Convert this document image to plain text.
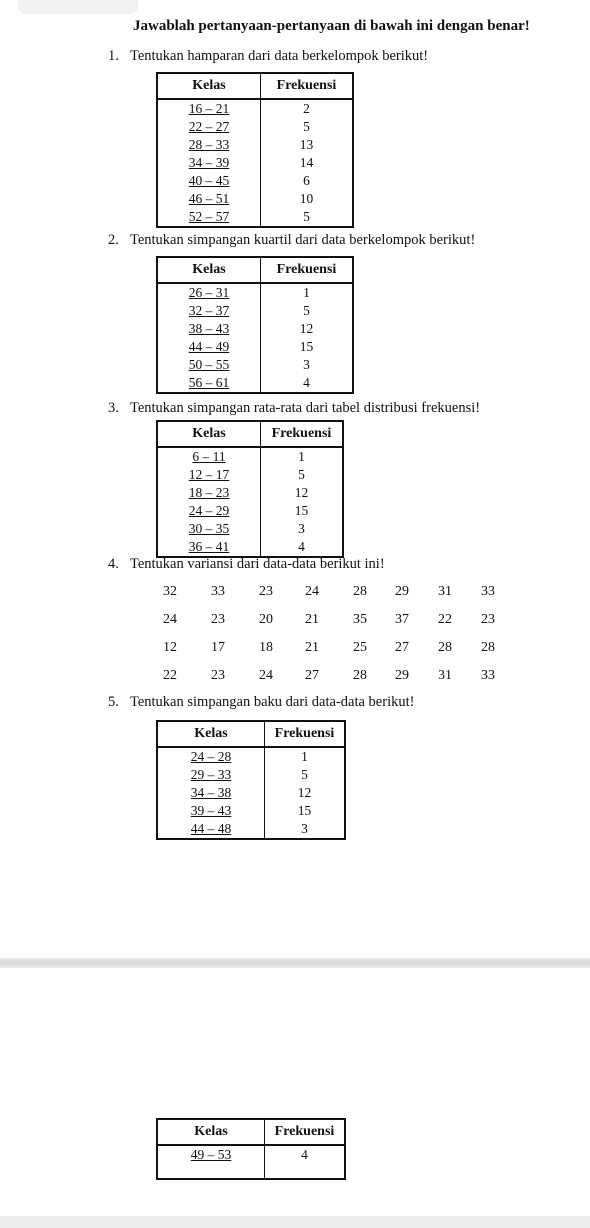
Jawablah pertanyaan-pertanyaan di bawah ini dengan benar!
1. Tentukan hamparan dari data berkelompok berikut!
Kelas	Frekuensi
16 – 21	2
22 – 27	5
28 – 33	13
34 – 39	14
40 – 45	6
46 – 51	10
52 – 57	5
2. Tentukan simpangan kuartil dari data berkelompok berikut!
Kelas	Frekuensi
26 – 31	1
32 – 37	5
38 – 43	12
44 – 49	15
50 – 55	3
56 – 61	4
3. Tentukan simpangan rata-rata dari tabel distribusi frekuensi!
Kelas	Frekuensi
6 – 11	1
12 – 17	5
18 – 23	12
24 – 29	15
30 – 35	3
36 – 41	4
4. Tentukan variansi dari data-data berikut ini!
32	33	23	24	28	29	31	33
24	23	20	21	35	37	22	23
12	17	18	21	25	27	28	28
22	23	24	27	28	29	31	33
5. Tentukan simpangan baku dari data-data berikut!
Kelas	Frekuensi
24 – 28	1
29 – 33	5
34 – 38	12
39 – 43	15
44 – 48	3
Kelas	Frekuensi
49 – 53	4
